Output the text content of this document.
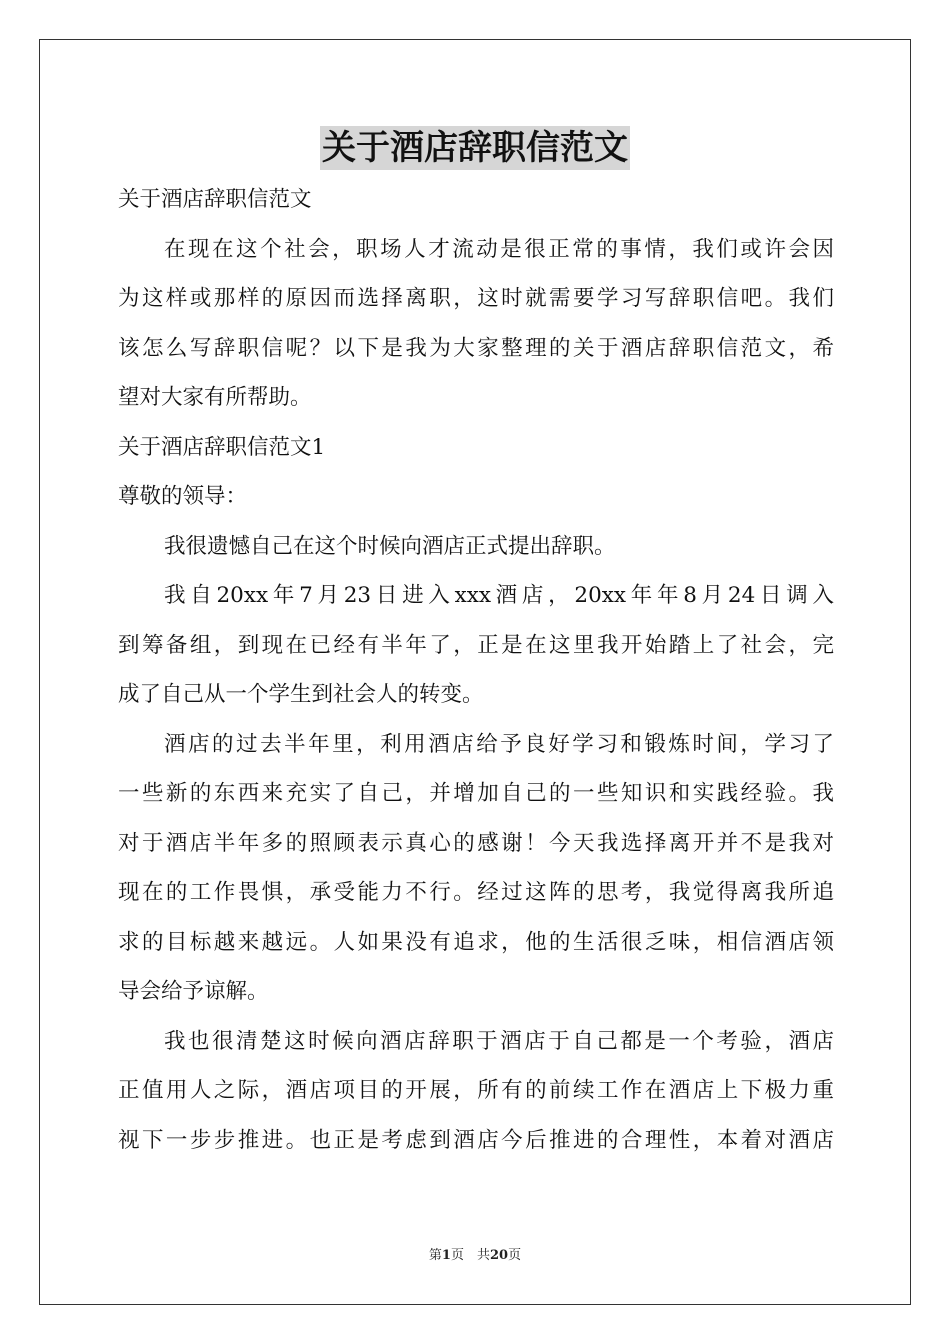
关于酒店辞职信范文
关于酒店辞职信范文
在现在这个社会，职场人才流动是很正常的事情，我们或许会因
为这样或那样的原因而选择离职，这时就需要学习写辞职信吧。我们
该怎么写辞职信呢？以下是我为大家整理的关于酒店辞职信范文，希
望对大家有所帮助。
关于酒店辞职信范文1
尊敬的领导：
我很遗憾自己在这个时候向酒店正式提出辞职。
我自20xx年7月23日进入xxx酒店，20xx年年8月24日调入
到筹备组，到现在已经有半年了，正是在这里我开始踏上了社会，完
成了自己从一个学生到社会人的转变。
酒店的过去半年里，利用酒店给予良好学习和锻炼时间，学习了
一些新的东西来充实了自己，并增加自己的一些知识和实践经验。我
对于酒店半年多的照顾表示真心的感谢！今天我选择离开并不是我对
现在的工作畏惧，承受能力不行。经过这阵的思考，我觉得离我所追
求的目标越来越远。人如果没有追求，他的生活很乏味，相信酒店领
导会给予谅解。
我也很清楚这时候向酒店辞职于酒店于自己都是一个考验，酒店
正值用人之际，酒店项目的开展，所有的前续工作在酒店上下极力重
视下一步步推进。也正是考虑到酒店今后推进的合理性，本着对酒店
第1页　共20页
